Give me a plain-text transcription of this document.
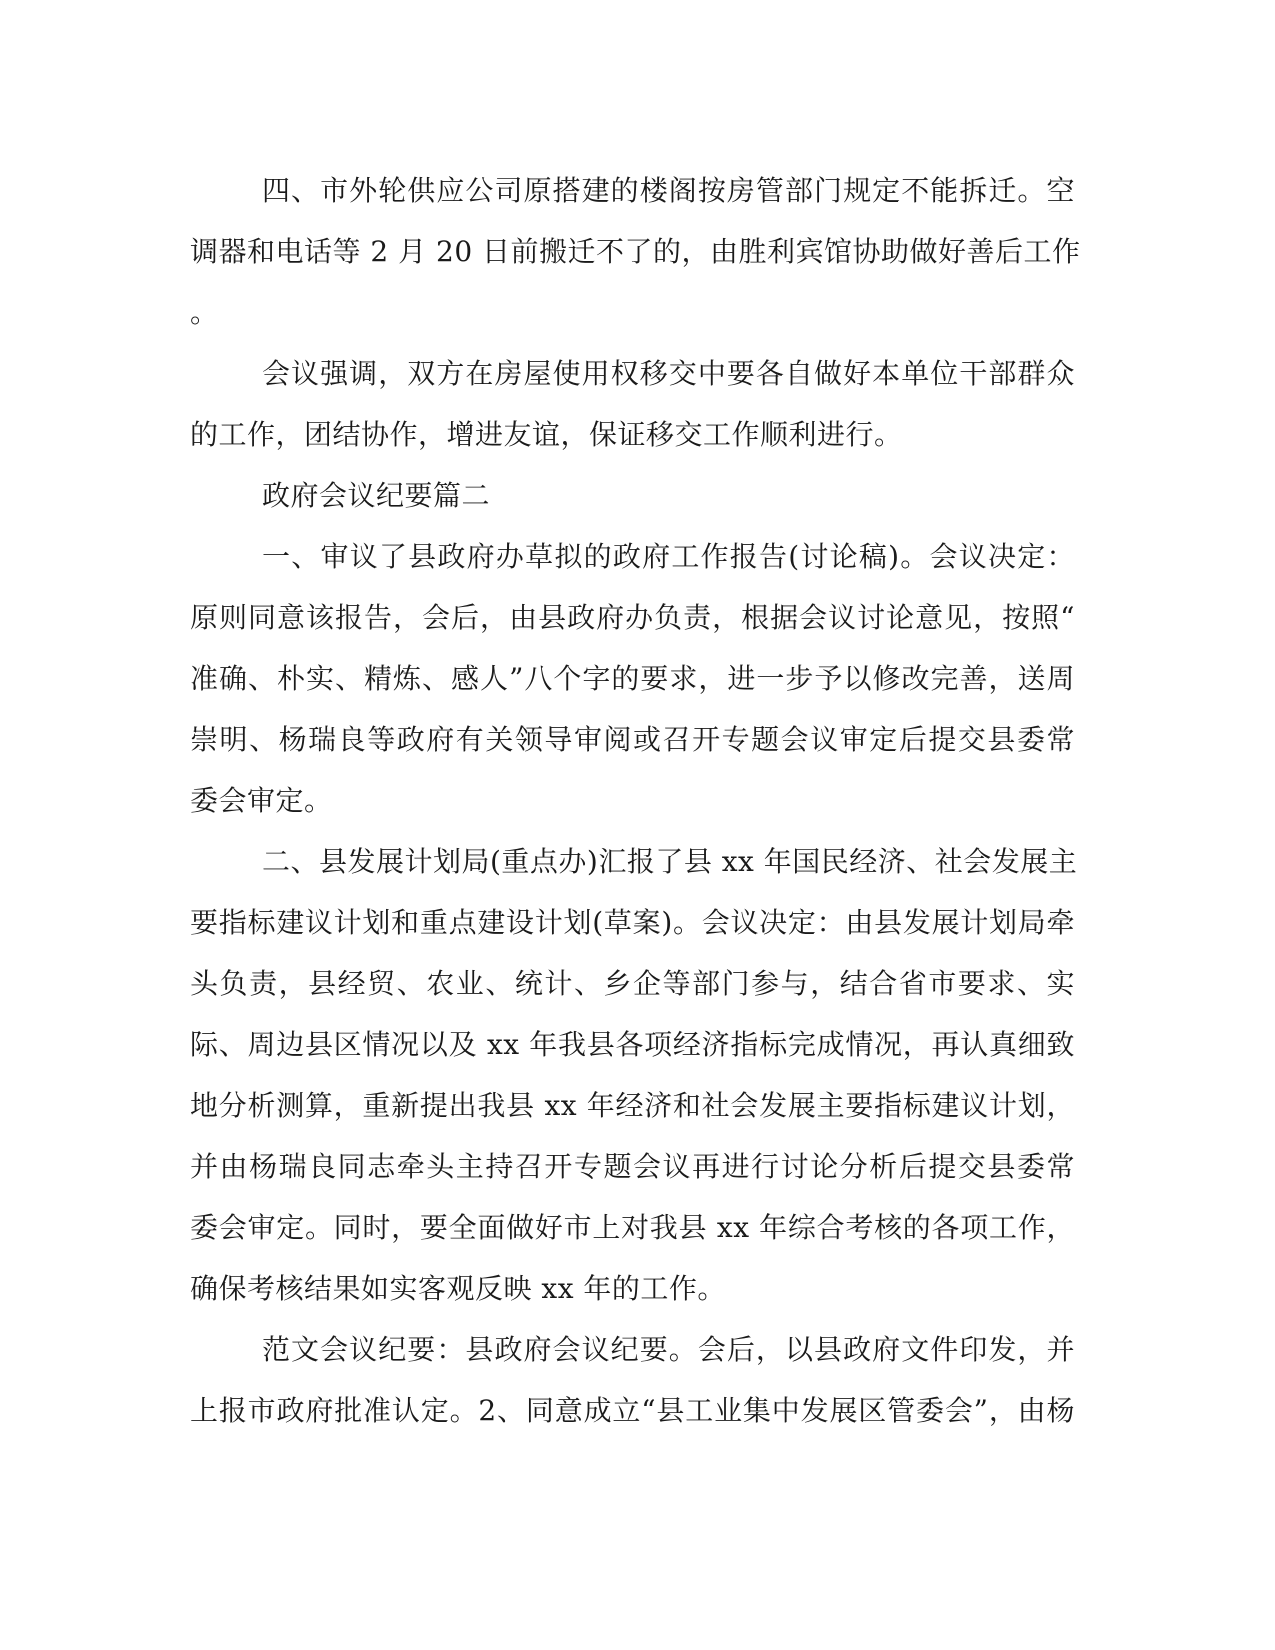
四、市外轮供应公司原搭建的楼阁按房管部门规定不能拆迁。空
调器和电话等 2 月 20 日前搬迁不了的，由胜利宾馆协助做好善后工作
。
会议强调，双方在房屋使用权移交中要各自做好本单位干部群众
的工作，团结协作，增进友谊，保证移交工作顺利进行。
政府会议纪要篇二
一、审议了县政府办草拟的政府工作报告(讨论稿)。会议决定：
原则同意该报告，会后，由县政府办负责，根据会议讨论意见，按照“
准确、朴实、精炼、感人”八个字的要求，进一步予以修改完善，送周
崇明、杨瑞良等政府有关领导审阅或召开专题会议审定后提交县委常
委会审定。
二、县发展计划局(重点办)汇报了县 xx 年国民经济、社会发展主
要指标建议计划和重点建设计划(草案)。会议决定：由县发展计划局牵
头负责，县经贸、农业、统计、乡企等部门参与，结合省市要求、实
际、周边县区情况以及 xx 年我县各项经济指标完成情况，再认真细致
地分析测算，重新提出我县 xx 年经济和社会发展主要指标建议计划，
并由杨瑞良同志牵头主持召开专题会议再进行讨论分析后提交县委常
委会审定。同时，要全面做好市上对我县 xx 年综合考核的各项工作，
确保考核结果如实客观反映 xx 年的工作。
范文会议纪要：县政府会议纪要。会后，以县政府文件印发，并
上报市政府批准认定。2、同意成立“县工业集中发展区管委会”，由杨
